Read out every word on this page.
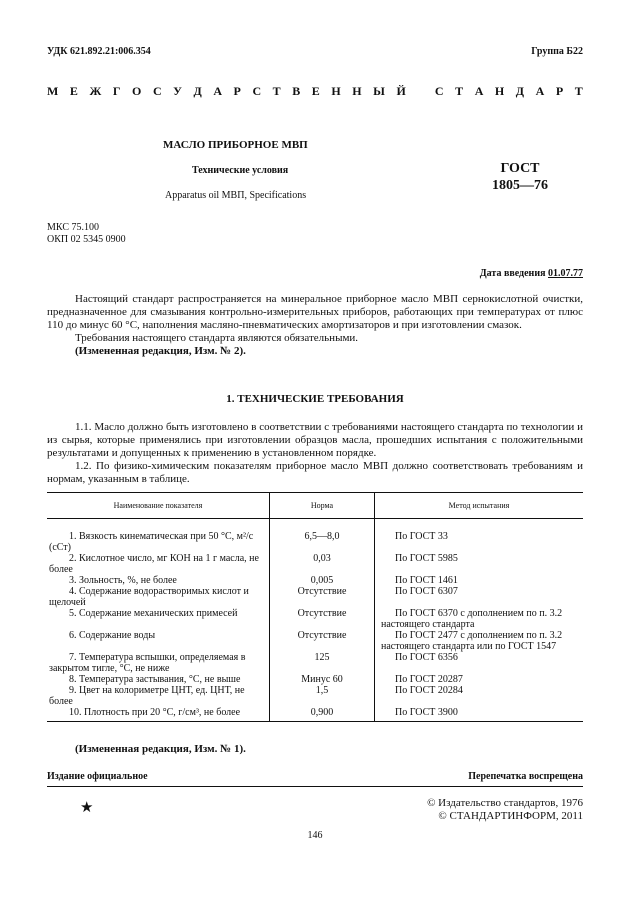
УДК 621.892.21:006.354	Группа Б22
М Е Ж Г О С У Д А Р С Т В Е Н Н Ы Й
С Т А Н Д А Р Т
МАСЛО ПРИБОРНОЕ МВП
Технические условия
Apparatus oil МВП, Specifications
ГОСТ
1805—76
МКС 75.100
ОКП 02 5345 0900
Дата введения 01.07.77

Настоящий стандарт распространяется на минеральное приборное масло МВП сернокислотной очистки, предназначенное для смазывания контрольно-измерительных приборов, работающих при температурах от плюс 110 до минус 60 °С, наполнения масляно-пневматических амортизаторов и при изготовлении смазок.

Требования настоящего стандарта являются обязательными.

(Измененная редакция, Изм. № 2).

1. ТЕХНИЧЕСКИЕ ТРЕБОВАНИЯ

1.1. Масло должно быть изготовлено в соответствии с требованиями настоящего стандарта по технологии и из сырья, которые применялись при изготовлении образцов масла, прошедших испытания с положительными результатами и допущенных к применению в установленном порядке.

1.2. По физико-химическим показателям приборное масло МВП должно соответствовать требованиям и нормам, указанным в таблице.

Наименование показателя	Норма	Метод испытания

1. Вязкость кинематическая при 50 °С, м²/с (сСт)	6,5—8,0	По ГОСТ 33

2. Кислотное число, мг КОН на 1 г масла, не более	0,03	По ГОСТ 5985

3. Зольность, %, не более	0,005	По ГОСТ 1461

4. Содержание водорастворимых кислот и щелочей	Отсутствие	По ГОСТ 6307

5. Содержание механических примесей	Отсутствие	По ГОСТ 6370 с дополнением по п. 3.2
настоящего стандарта

6. Содержание воды	Отсутствие	По ГОСТ 2477 с дополнением по п. 3.2
настоящего стандарта или по ГОСТ 1547

7. Температура вспышки, определяемая в закрытом тигле, °С, не ниже	125	По ГОСТ 6356

8. Температура застывания, °С, не выше	Минус 60	По ГОСТ 20287

9. Цвет на колориметре ЦНТ, ед. ЦНТ, не более	1,5	По ГОСТ 20284

10. Плотность при 20 °С, г/см³, не более	0,900	По ГОСТ 3900
(Измененная редакция, Изм. № 1).
Издание официальное	Перепечатка воспрещена
★	© Издательство стандартов, 1976
© СТАНДАРТИНФОРМ, 2011
146
